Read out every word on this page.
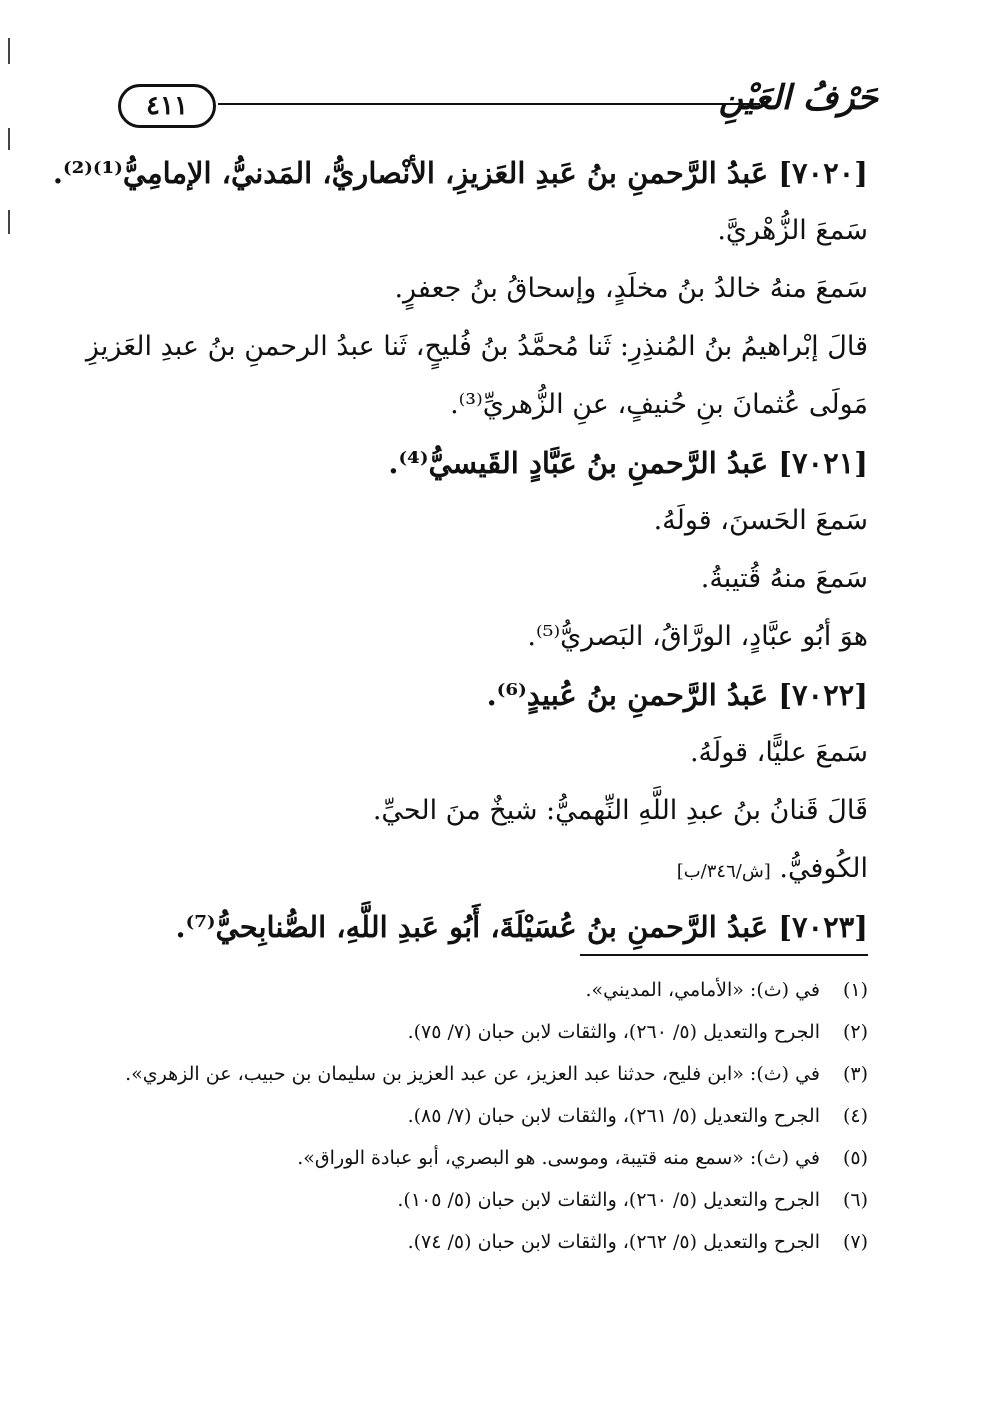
٤١١	حَرْفُ العَيْنِ
[٧٠٢٠] عَبدُ الرَّحمنِ بنُ عَبدِ العَزيزِ، الأنْصاريُّ، المَدنيُّ، الإمامِيُّ⁽¹⁾⁽²⁾.
سَمعَ الزُّهْريَّ.
سَمعَ منهُ خالدُ بنُ مخلَدٍ، وإسحاقُ بنُ جعفرٍ.
قالَ إبْراهيمُ بنُ المُنذِرِ: ثَنا مُحمَّدُ بنُ فُليحٍ، ثَنا عبدُ الرحمنِ بنُ عبدِ العَزيزِ
مَولَى عُثمانَ بنِ حُنيفٍ، عنِ الزُّهريِّ⁽³⁾.
[٧٠٢١] عَبدُ الرَّحمنِ بنُ عَبَّادٍ القَيسيُّ⁽⁴⁾.
سَمعَ الحَسنَ، قولَهُ.
سَمعَ منهُ قُتيبةُ.
هوَ أبُو عبَّادٍ، الورَّاقُ، البَصريُّ⁽⁵⁾.
[٧٠٢٢] عَبدُ الرَّحمنِ بنُ عُبيدٍ⁽⁶⁾.
سَمعَ عليًّا، قولَهُ.
قَالَ قَنانُ بنُ عبدِ اللَّهِ النِّهميُّ: شيخٌ منَ الحيِّ.
الكُوفيُّ. [ش/٣٤٦/ب]
[٧٠٢٣] عَبدُ الرَّحمنِ بنُ عُسَيْلَةَ، أَبُو عَبدِ اللَّهِ، الصُّنابِحيُّ⁽⁷⁾.
(١)
في (ث): «الأمامي، المديني».
(٢)
الجرح والتعديل (٥/ ٢٦٠)، والثقات لابن حبان (٧/ ٧٥).
(٣)
في (ث): «ابن فليح، حدثنا عبد العزيز، عن عبد العزيز بن سليمان بن حبيب، عن الزهري».
(٤)
الجرح والتعديل (٥/ ٢٦١)، والثقات لابن حبان (٧/ ٨٥).
(٥)
في (ث): «سمع منه قتيبة، وموسى. هو البصري، أبو عبادة الوراق».
(٦)
الجرح والتعديل (٥/ ٢٦٠)، والثقات لابن حبان (٥/ ١٠٥).
(٧)
الجرح والتعديل (٥/ ٢٦٢)، والثقات لابن حبان (٥/ ٧٤).
